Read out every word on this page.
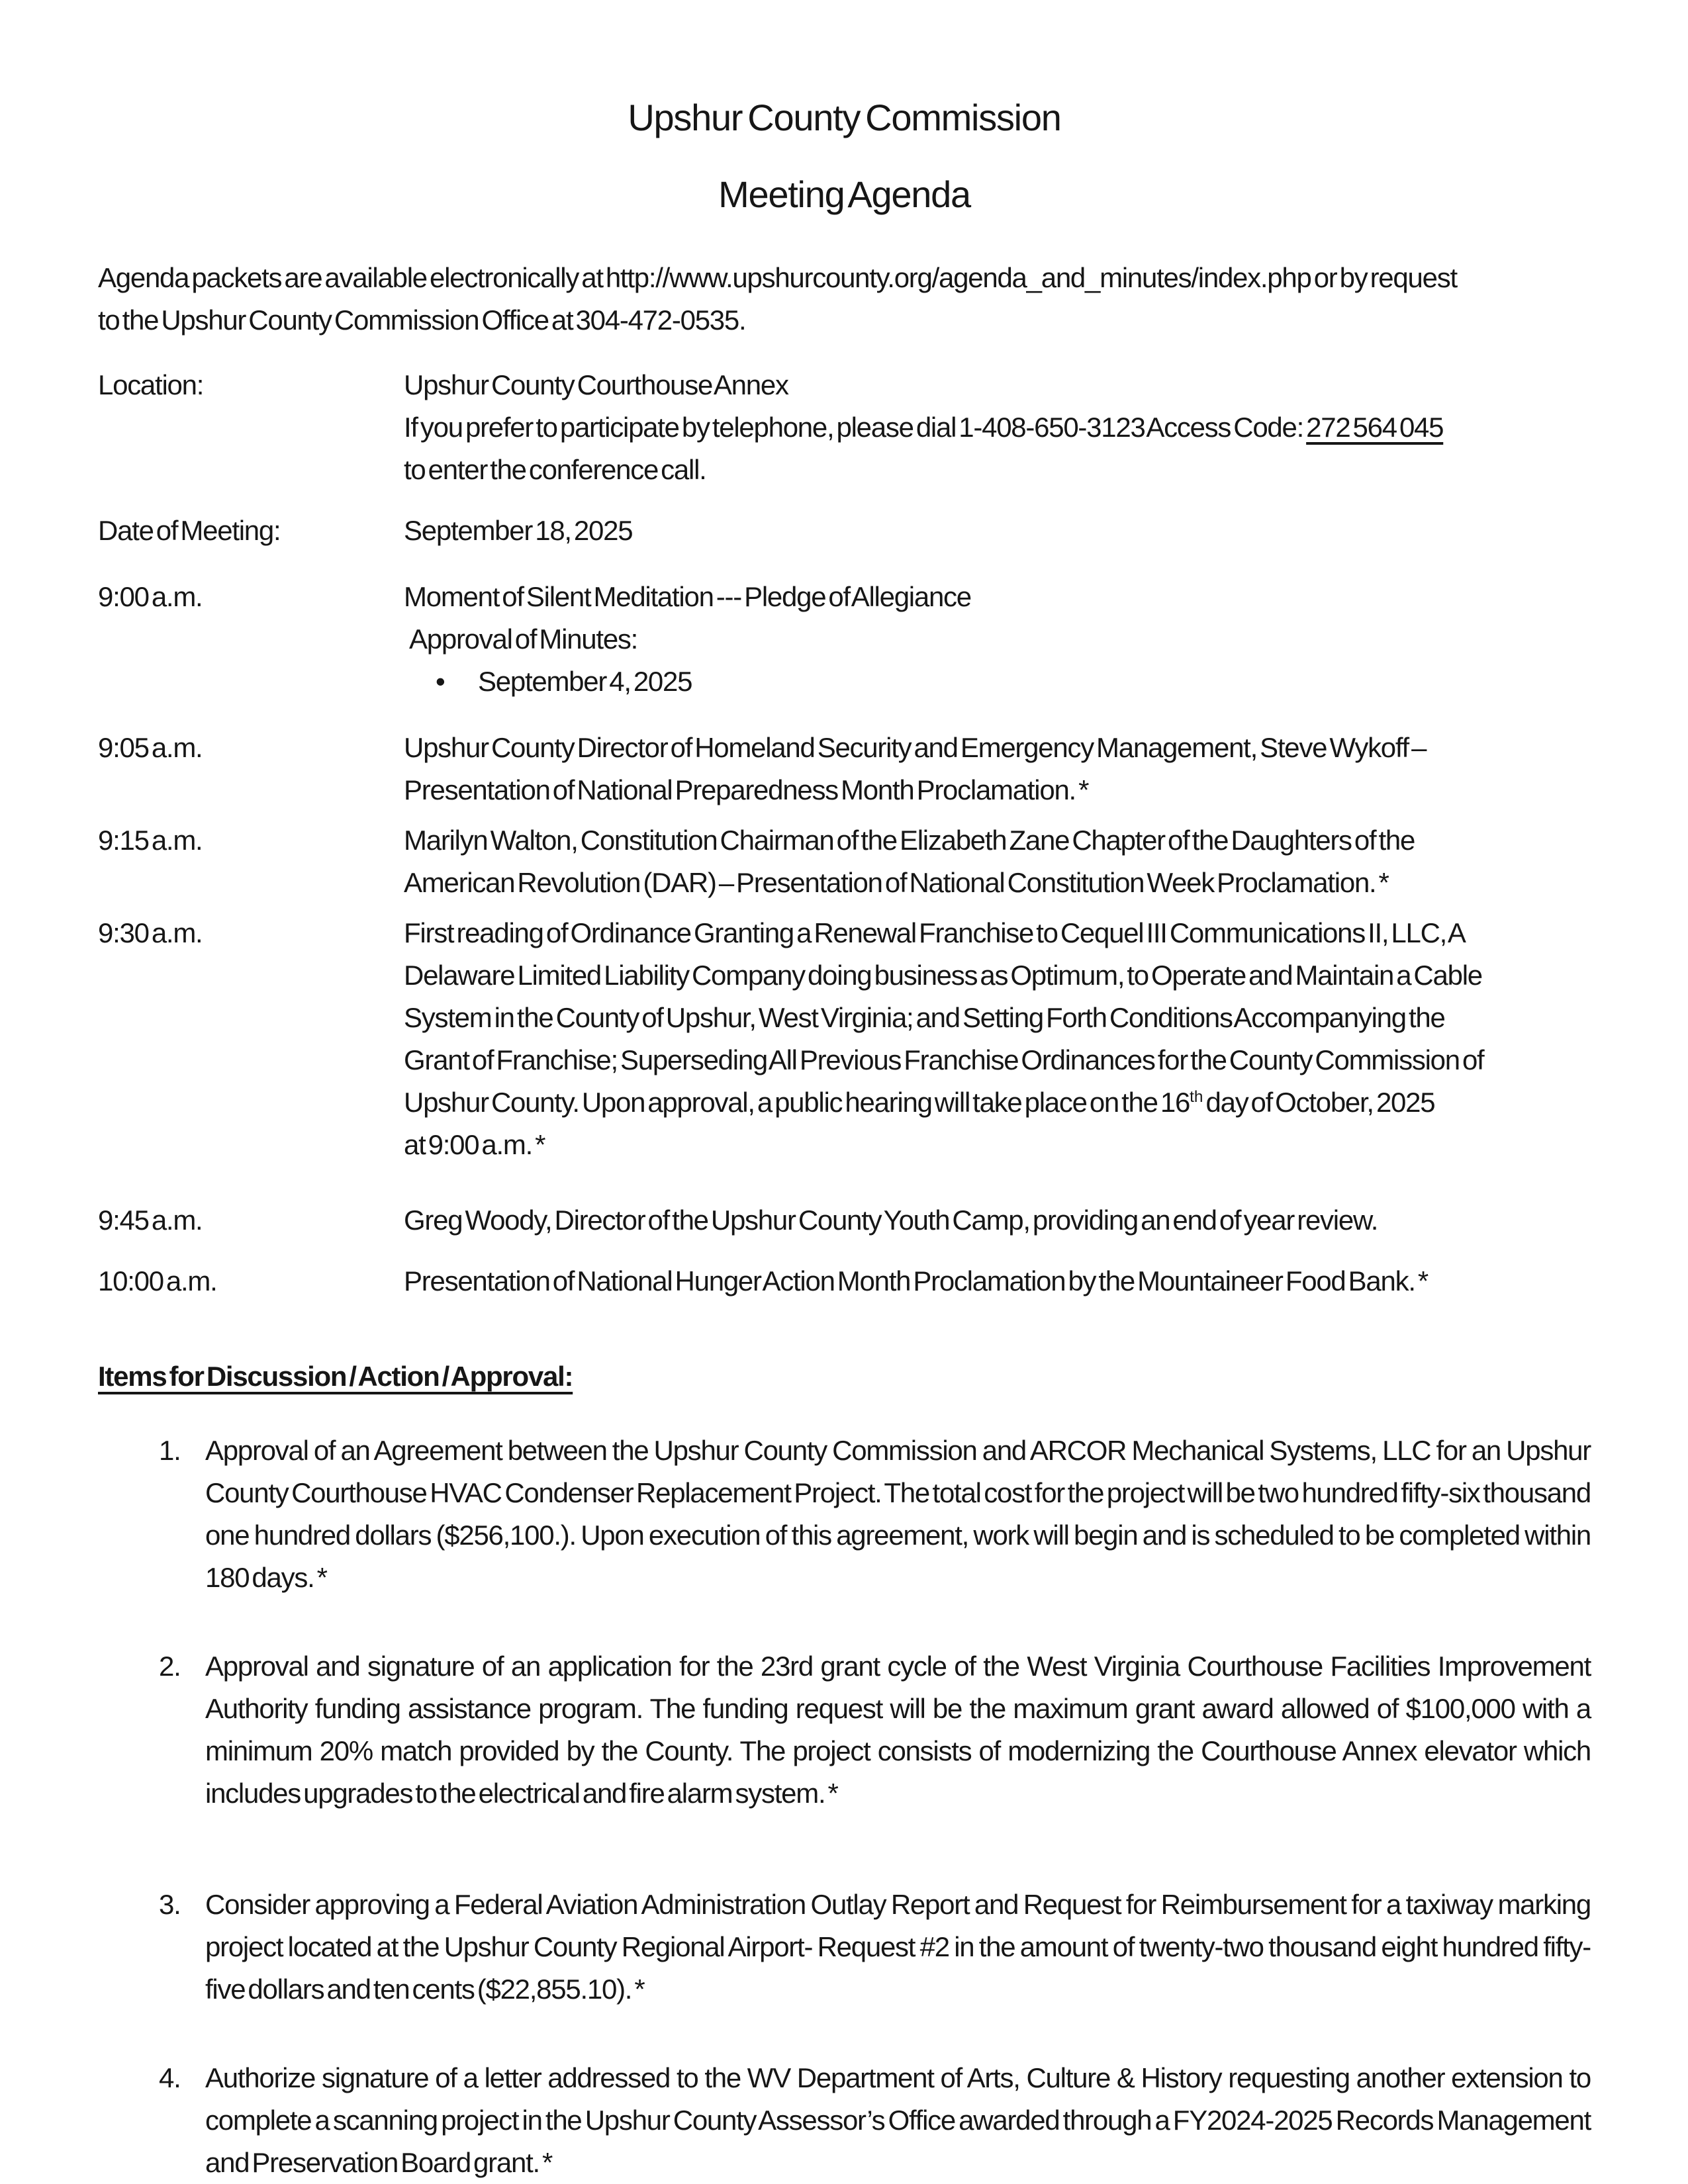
Upshur County Commission
Meeting Agenda
Agenda packets are available electronically at http://www.upshurcounty.org/agenda_and_minutes/index.php or by request
to the Upshur County Commission Office at 304-472-0535.
Location:	Upshur County Courthouse Annex
If you prefer to participate by telephone, please dial 1-408-650-3123 Access Code: 272 564 045
to enter the conference call.
Date of Meeting:	September 18, 2025
9:00 a.m.	Moment of Silent Meditation --- Pledge of Allegiance
Approval of Minutes:
• September 4, 2025
9:05 a.m.	Upshur County Director of Homeland Security and Emergency Management, Steve Wykoff –
Presentation of National Preparedness Month Proclamation. *
9:15 a.m.	Marilyn Walton, Constitution Chairman of the Elizabeth Zane Chapter of the Daughters of the
American Revolution (DAR) – Presentation of National Constitution Week Proclamation. *
9:30 a.m.	First reading of Ordinance Granting a Renewal Franchise to Cequel III Communications II, LLC, A
Delaware Limited Liability Company doing business as Optimum, to Operate and Maintain a Cable
System in the County of Upshur, West Virginia; and Setting Forth Conditions Accompanying the
Grant of Franchise; Superseding All Previous Franchise Ordinances for the County Commission of
Upshur County. Upon approval, a public hearing will take place on the 16th day of October, 2025
at 9:00 a.m. *
9:45 a.m.	Greg Woody, Director of the Upshur County Youth Camp, providing an end of year review.
10:00 a.m.	Presentation of National Hunger Action Month Proclamation by the Mountaineer Food Bank. *
Items for Discussion / Action / Approval:
1. Approval of an Agreement between the Upshur County Commission and ARCOR Mechanical Systems, LLC for an Upshur County Courthouse HVAC Condenser Replacement Project. The total cost for the project will be two hundred fifty-six thousand one hundred dollars ($256,100.). Upon execution of this agreement, work will begin and is scheduled to be completed within 180 days. *
2. Approval and signature of an application for the 23rd grant cycle of the West Virginia Courthouse Facilities Improvement Authority funding assistance program. The funding request will be the maximum grant award allowed of $100,000 with a minimum 20% match provided by the County. The project consists of modernizing the Courthouse Annex elevator which includes upgrades to the electrical and fire alarm system. *
3. Consider approving a Federal Aviation Administration Outlay Report and Request for Reimbursement for a taxiway marking project located at the Upshur County Regional Airport- Request #2 in the amount of twenty-two thousand eight hundred fifty-five dollars and ten cents ($22,855.10). *
4. Authorize signature of a letter addressed to the WV Department of Arts, Culture & History requesting another extension to complete a scanning project in the Upshur County Assessor’s Office awarded through a FY2024-2025 Records Management and Preservation Board grant. *
